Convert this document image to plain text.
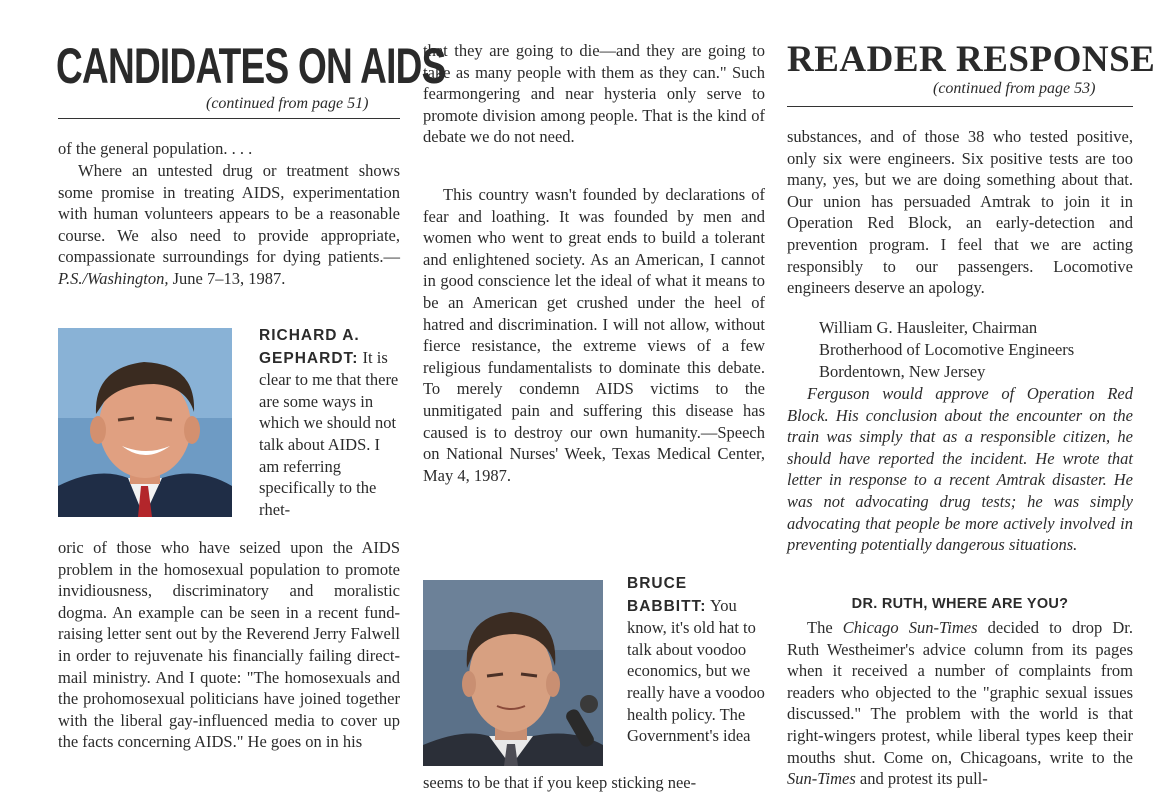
CANDIDATES ON AIDS
(continued from page 51)

of the general population. . . .

Where an untested drug or treatment shows some promise in treating AIDS, experimentation with human volunteers appears to be a reasonable course. We also need to provide appropriate, compassionate surroundings for dying patients.—P.S./Washington, June 7–13, 1987.

RICHARD A. GEPHARDT: It is clear to me that there are some ways in which we should not talk about AIDS. I am referring specifically to the rhet-

oric of those who have seized upon the AIDS problem in the homosexual population to promote invidiousness, discriminatory and moralistic dogma. An example can be seen in a recent fund-raising letter sent out by the Reverend Jerry Falwell in order to rejuvenate his financially failing direct-mail ministry. And I quote: "The homosexuals and the prohomosexual politicians have joined together with the liberal gay-influenced media to cover up the facts concerning AIDS." He goes on in his

that they are going to die—and they are going to take as many people with them as they can." Such fearmongering and near hysteria only serve to promote division among people. That is the kind of debate we do not need.

This country wasn't founded by declarations of fear and loathing. It was founded by men and women who went to great ends to build a tolerant and enlightened society. As an American, I cannot in good conscience let the ideal of what it means to be an American get crushed under the heel of hatred and discrimination. I will not allow, without fierce resistance, the extreme views of a few religious fundamentalists to dominate this debate. To merely condemn AIDS victims to the unmitigated pain and suffering this disease has caused is to destroy our own humanity.—Speech on National Nurses' Week, Texas Medical Center, May 4, 1987.

BRUCE BABBITT: You know, it's old hat to talk about voodoo economics, but we really have a voodoo health policy. The Government's idea

seems to be that if you keep sticking nee-

READER RESPONSE
(continued from page 53)

substances, and of those 38 who tested positive, only six were engineers. Six positive tests are too many, yes, but we are doing something about that. Our union has persuaded Amtrak to join it in Operation Red Block, an early-detection and prevention program. I feel that we are acting responsibly to our passengers. Locomotive engineers deserve an apology.

William G. Hausleiter, Chairman
Brotherhood of Locomotive Engineers
Bordentown, New Jersey

Ferguson would approve of Operation Red Block. His conclusion about the encounter on the train was simply that as a responsible citizen, he should have reported the incident. He wrote that letter in response to a recent Amtrak disaster. He was not advocating drug tests; he was simply advocating that people be more actively involved in preventing potentially dangerous situations.

DR. RUTH, WHERE ARE YOU?

The Chicago Sun-Times decided to drop Dr. Ruth Westheimer's advice column from its pages when it received a number of complaints from readers who objected to the "graphic sexual issues discussed." The problem with the world is that right-wingers protest, while liberal types keep their mouths shut. Come on, Chicagoans, write to the Sun-Times and protest its pull-
